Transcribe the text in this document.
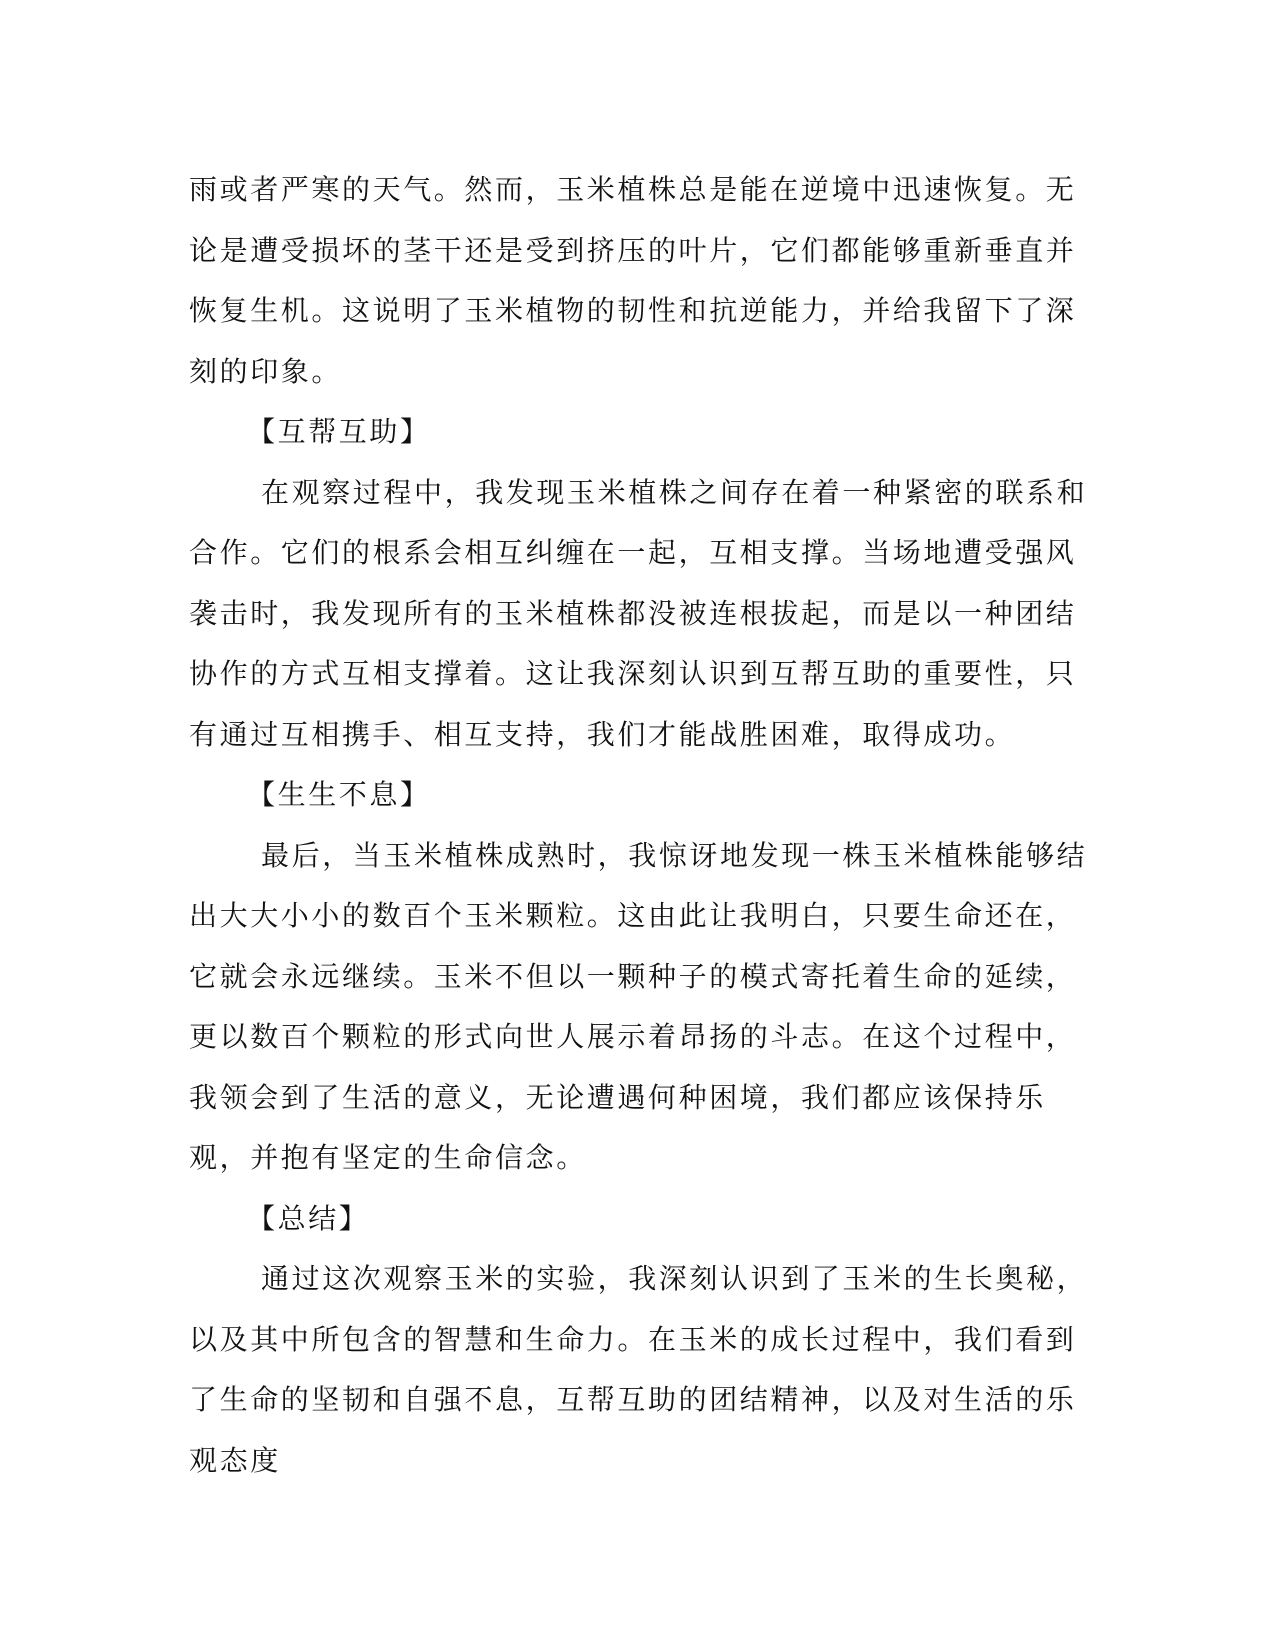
雨或者严寒的天气。然而，玉米植株总是能在逆境中迅速恢复。无论是遭受损坏的茎干还是受到挤压的叶片，它们都能够重新垂直并恢复生机。这说明了玉米植物的韧性和抗逆能力，并给我留下了深刻的印象。

【互帮互助】

在观察过程中，我发现玉米植株之间存在着一种紧密的联系和合作。它们的根系会相互纠缠在一起，互相支撑。当场地遭受强风袭击时，我发现所有的玉米植株都没被连根拔起，而是以一种团结协作的方式互相支撑着。这让我深刻认识到互帮互助的重要性，只有通过互相携手、相互支持，我们才能战胜困难，取得成功。

【生生不息】

最后，当玉米植株成熟时，我惊讶地发现一株玉米植株能够结出大大小小的数百个玉米颗粒。这由此让我明白，只要生命还在，它就会永远继续。玉米不但以一颗种子的模式寄托着生命的延续，更以数百个颗粒的形式向世人展示着昂扬的斗志。在这个过程中，我领会到了生活的意义，无论遭遇何种困境，我们都应该保持乐观，并抱有坚定的生命信念。

【总结】

通过这次观察玉米的实验，我深刻认识到了玉米的生长奥秘，以及其中所包含的智慧和生命力。在玉米的成长过程中，我们看到了生命的坚韧和自强不息，互帮互助的团结精神，以及对生活的乐观态度
